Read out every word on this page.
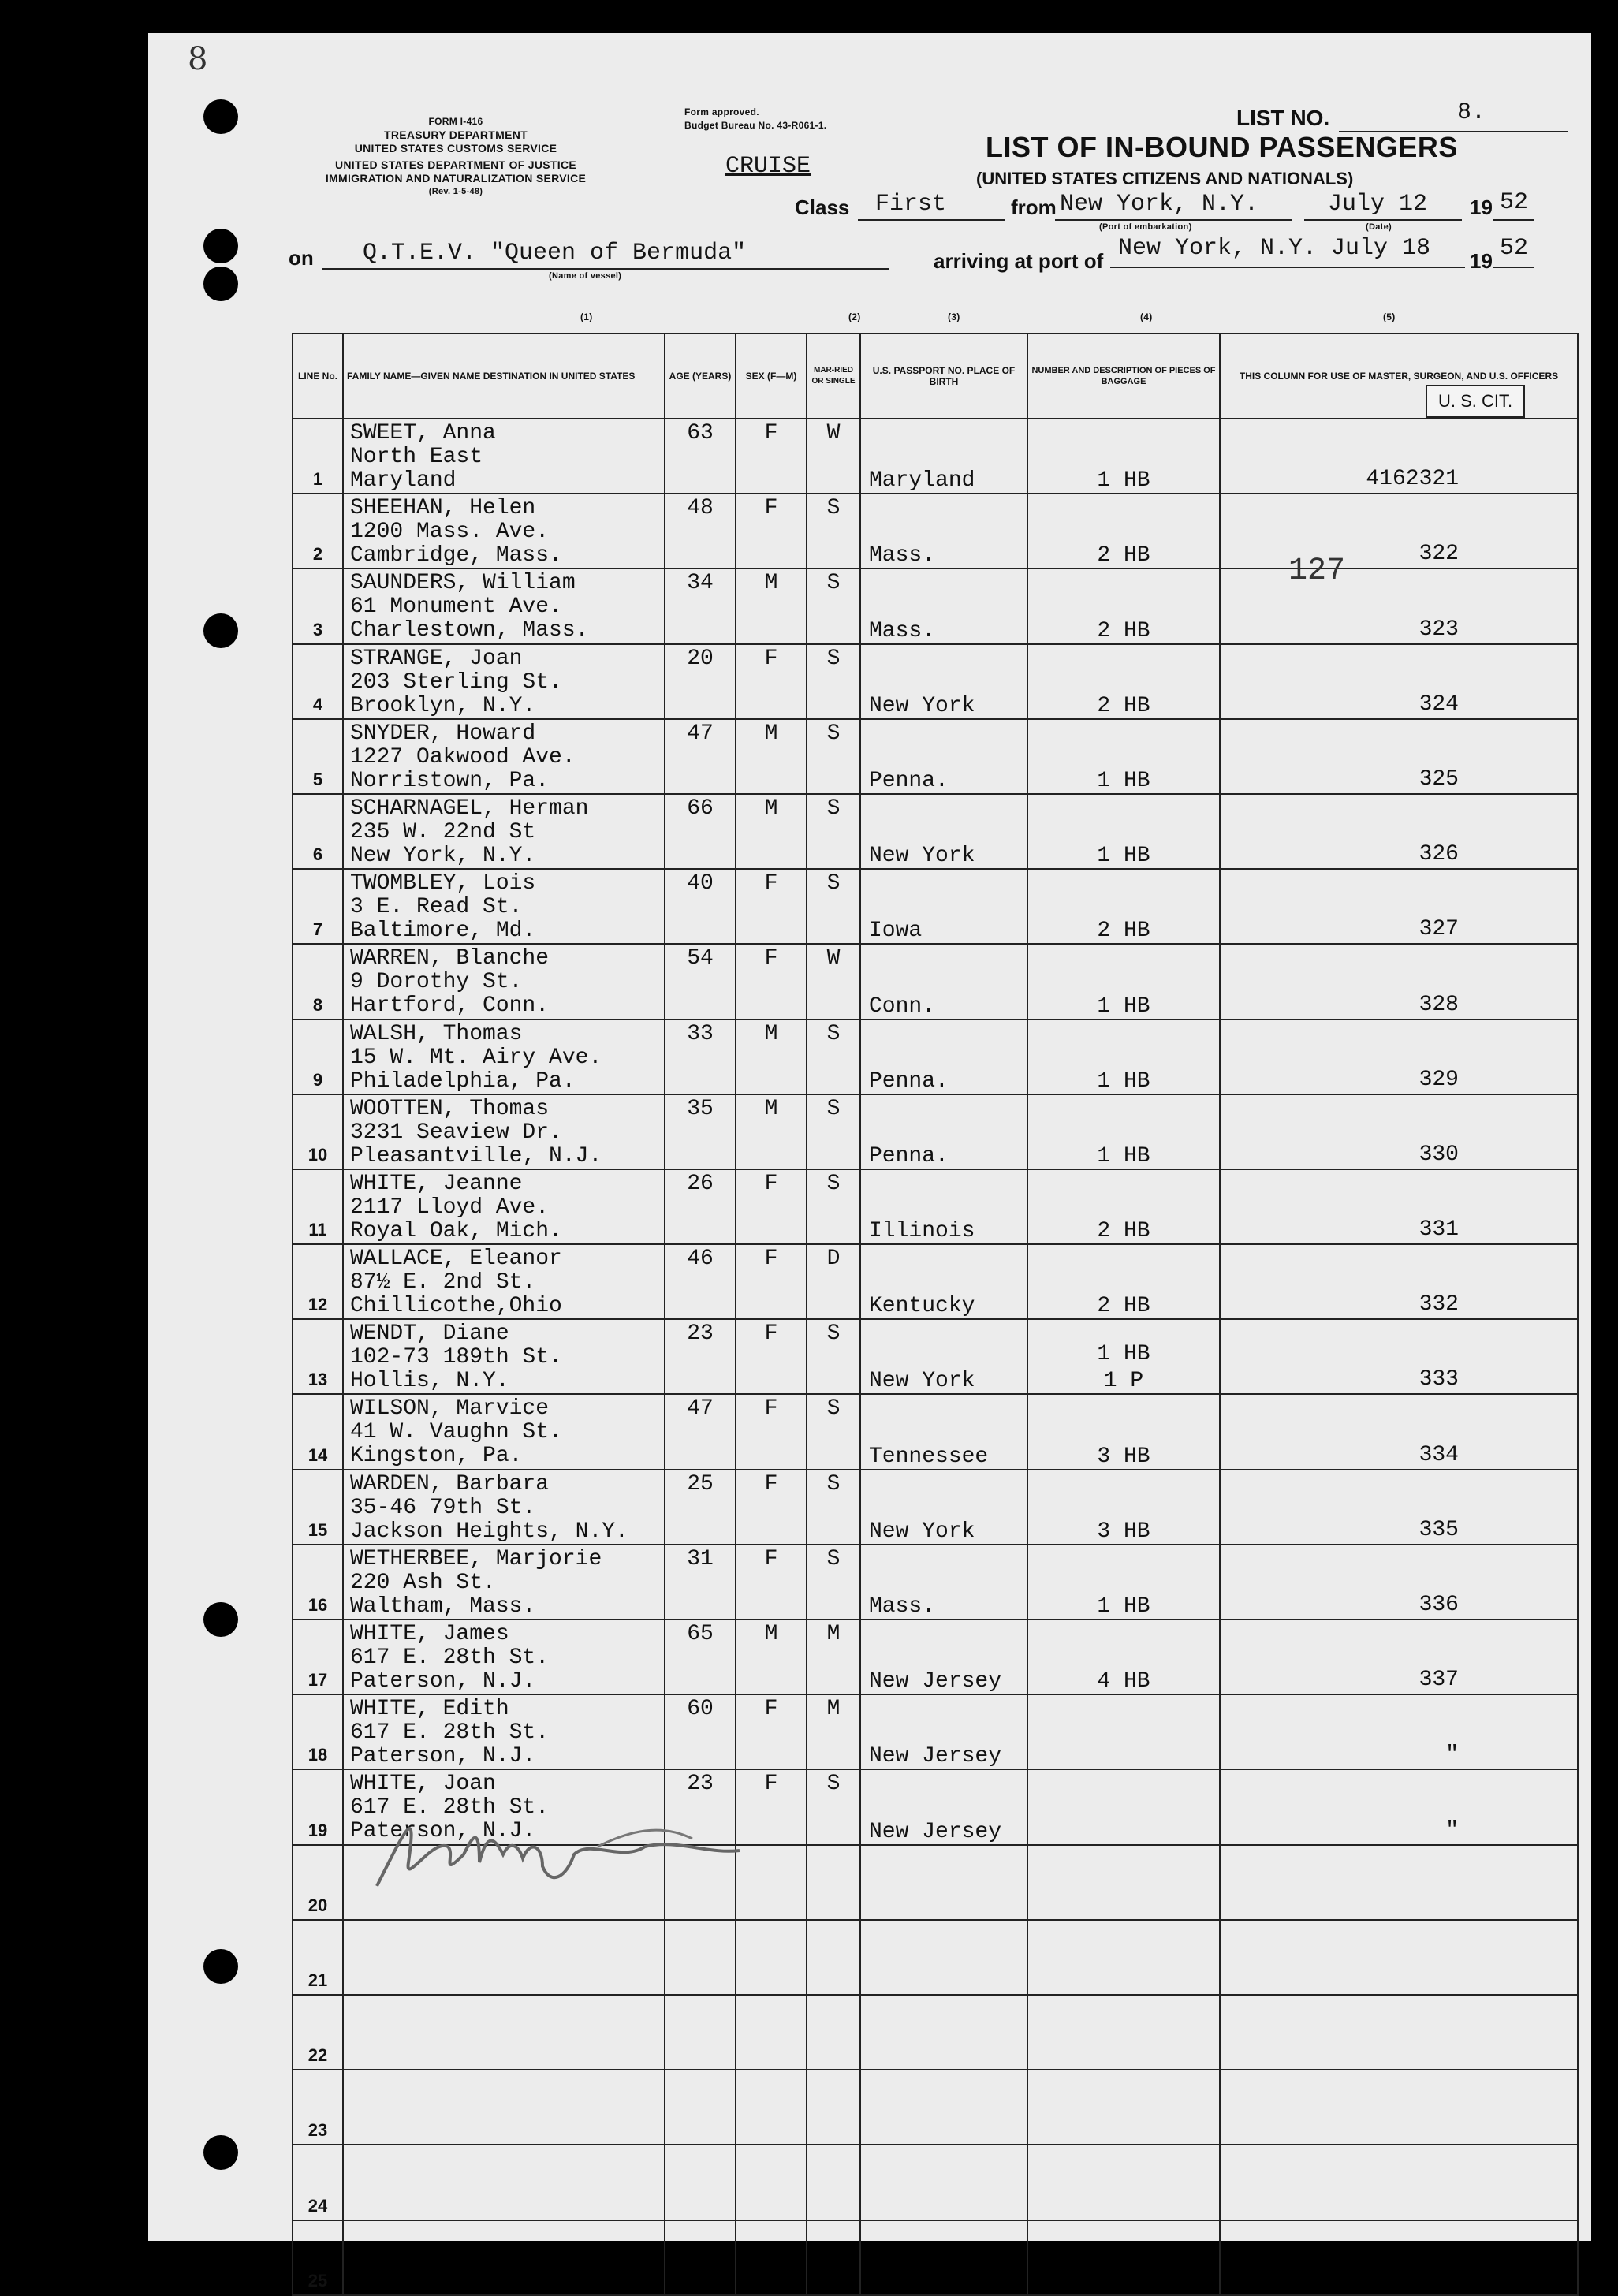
8
FORM I-416
TREASURY DEPARTMENT
UNITED STATES CUSTOMS SERVICE
UNITED STATES DEPARTMENT OF JUSTICE
IMMIGRATION AND NATURALIZATION SERVICE
(Rev. 1-5-48)
Form approved.
Budget Bureau No. 43-R061-1.
CRUISE
LIST NO.	8.
LIST OF IN-BOUND PASSENGERS
(UNITED STATES CITIZENS AND NATIONALS)
Class First	from New York, N.Y.
(Port of embarkation)
July 12
(Date)
19 52
on Q.T.E.V. "Queen of Bermuda"
(Name of vessel)
arriving at port of New York, N.Y. July 18 19 52
(1)	(2)	(3)	(4)	(5)
LINE No.	FAMILY NAME—GIVEN NAME DESTINATION IN UNITED STATES	AGE (YEARS)	SEX (F—M)	MAR-RIED OR SINGLE	U.S. PASSPORT NO. PLACE OF BIRTH	NUMBER AND DESCRIPTION OF PIECES OF BAGGAGE	THIS COLUMN FOR USE OF MASTER, SURGEON, AND U.S. OFFICERS
1	SWEET, Anna
North East
Maryland	63	F	W	Maryland	1 HB	4162321

2	SHEEHAN, Helen
1200 Mass. Ave.
Cambridge, Mass.	48	F	S	Mass.	2 HB	322

3	SAUNDERS, William
61 Monument Ave.
Charlestown, Mass.	34	M	S	Mass.	2 HB	323

4	STRANGE, Joan
203 Sterling St.
Brooklyn, N.Y.	20	F	S	New York	2 HB	324

5	SNYDER, Howard
1227 Oakwood Ave.
Norristown, Pa.	47	M	S	Penna.	1 HB	325

6	SCHARNAGEL, Herman
235 W. 22nd St
New York, N.Y.	66	M	S	New York	1 HB	326

7	TWOMBLEY, Lois
3 E. Read St.
Baltimore, Md.	40	F	S	Iowa	2 HB	327

8	WARREN, Blanche
9 Dorothy St.
Hartford, Conn.	54	F	W	Conn.	1 HB	328

9	WALSH, Thomas
15 W. Mt. Airy Ave.
Philadelphia, Pa.	33	M	S	Penna.	1 HB	329

10	WOOTTEN, Thomas
3231 Seaview Dr.
Pleasantville, N.J.	35	M	S	Penna.	1 HB	330

11	WHITE, Jeanne
2117 Lloyd Ave.
Royal Oak, Mich.	26	F	S	Illinois	2 HB	331

12	WALLACE, Eleanor
87½ E. 2nd St.
Chillicothe,Ohio	46	F	D	Kentucky	2 HB	332

13	WENDT, Diane
102-73 189th St.
Hollis, N.Y.	23	F	S	New York	1 HB
1 P	333

14	WILSON, Marvice
41 W. Vaughn St.
Kingston, Pa.	47	F	S	Tennessee	3 HB	334

15	WARDEN, Barbara
35-46 79th St.
Jackson Heights, N.Y.	25	F	S	New York	3 HB	335

16	WETHERBEE, Marjorie
220 Ash St.
Waltham, Mass.	31	F	S	Mass.	1 HB	336

17	WHITE, James
617 E. 28th St.
Paterson, N.J.	65	M	M	New Jersey	4 HB	337

18	WHITE, Edith
617 E. 28th St.
Paterson, N.J.	60	F	M	New Jersey		"

19	WHITE, Joan
617 E. 28th St.
Paterson, N.J.	23	F	S	New Jersey		"

20	

21	

22	

23	

24	

25	

U. S. CIT.
127
